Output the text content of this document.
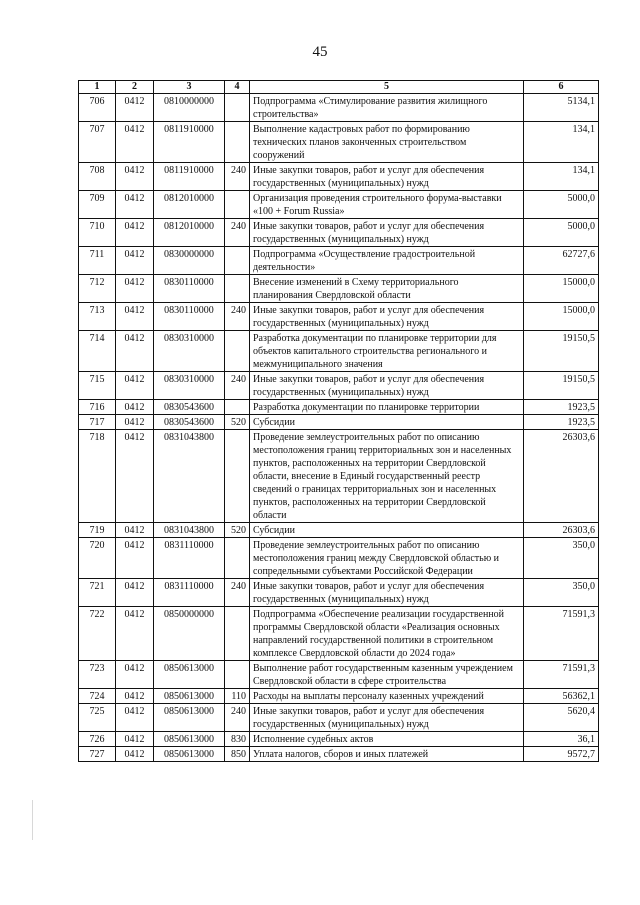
45
1	2	3	4	5	6
706	0412	0810000000		Подпрограмма «Стимулирование развития жилищного строительства»	5134,1
707	0412	0811910000		Выполнение кадастровых работ по формированию технических планов законченных строительством сооружений	134,1
708	0412	0811910000	240	Иные закупки товаров, работ и услуг для обеспечения государственных (муниципальных) нужд	134,1
709	0412	0812010000		Организация проведения строительного форума-выставки «100 + Forum Russia»	5000,0
710	0412	0812010000	240	Иные закупки товаров, работ и услуг для обеспечения государственных (муниципальных) нужд	5000,0
711	0412	0830000000		Подпрограмма «Осуществление градостроительной деятельности»	62727,6
712	0412	0830110000		Внесение изменений в Схему территориального планирования Свердловской области	15000,0
713	0412	0830110000	240	Иные закупки товаров, работ и услуг для обеспечения государственных (муниципальных) нужд	15000,0
714	0412	0830310000		Разработка документации по планировке территории для объектов капитального строительства регионального и межмуниципального значения	19150,5
715	0412	0830310000	240	Иные закупки товаров, работ и услуг для обеспечения государственных (муниципальных) нужд	19150,5
716	0412	0830543600		Разработка документации по планировке территории	1923,5
717	0412	0830543600	520	Субсидии	1923,5
718	0412	0831043800		Проведение землеустроительных работ по описанию местоположения границ территориальных зон и населенных пунктов, расположенных на территории Свердловской области, внесение в Единый государственный реестр сведений о границах территориальных зон и населенных пунктов, расположенных на территории Свердловской области	26303,6
719	0412	0831043800	520	Субсидии	26303,6
720	0412	0831110000		Проведение землеустроительных работ по описанию местоположения границ между Свердловской областью и сопредельными субъектами Российской Федерации	350,0
721	0412	0831110000	240	Иные закупки товаров, работ и услуг для обеспечения государственных (муниципальных) нужд	350,0
722	0412	0850000000		Подпрограмма «Обеспечение реализации государственной программы Свердловской области «Реализация основных направлений государственной политики в строительном комплексе Свердловской области до 2024 года»	71591,3
723	0412	0850613000		Выполнение работ государственным казенным учреждением Свердловской области в сфере строительства	71591,3
724	0412	0850613000	110	Расходы на выплаты персоналу казенных учреждений	56362,1
725	0412	0850613000	240	Иные закупки товаров, работ и услуг для обеспечения государственных (муниципальных) нужд	5620,4
726	0412	0850613000	830	Исполнение судебных актов	36,1
727	0412	0850613000	850	Уплата налогов, сборов и иных платежей	9572,7
